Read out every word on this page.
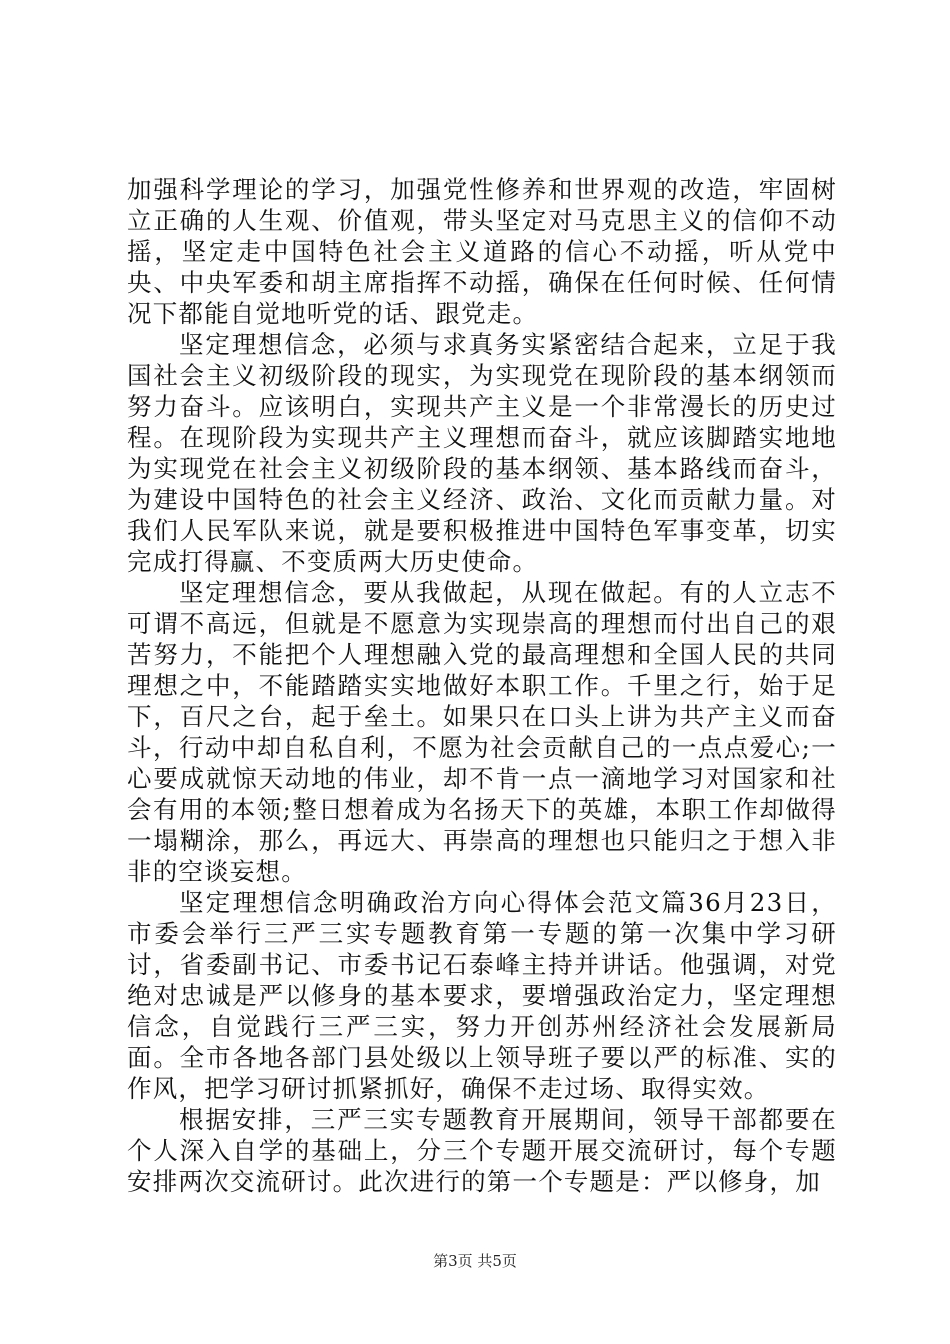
加强科学理论的学习，加强党性修养和世界观的改造，牢固树立正确的人生观、价值观，带头坚定对马克思主义的信仰不动摇，坚定走中国特色社会主义道路的信心不动摇，听从党中央、中央军委和胡主席指挥不动摇，确保在任何时候、任何情况下都能自觉地听党的话、跟党走。

坚定理想信念，必须与求真务实紧密结合起来，立足于我国社会主义初级阶段的现实，为实现党在现阶段的基本纲领而努力奋斗。应该明白，实现共产主义是一个非常漫长的历史过程。在现阶段为实现共产主义理想而奋斗，就应该脚踏实地地为实现党在社会主义初级阶段的基本纲领、基本路线而奋斗，为建设中国特色的社会主义经济、政治、文化而贡献力量。对我们人民军队来说，就是要积极推进中国特色军事变革，切实完成打得赢、不变质两大历史使命。

坚定理想信念，要从我做起，从现在做起。有的人立志不可谓不高远，但就是不愿意为实现崇高的理想而付出自己的艰苦努力，不能把个人理想融入党的最高理想和全国人民的共同理想之中，不能踏踏实实地做好本职工作。千里之行，始于足下，百尺之台，起于垒土。如果只在口头上讲为共产主义而奋斗，行动中却自私自利，不愿为社会贡献自己的一点点爱心;一心要成就惊天动地的伟业，却不肯一点一滴地学习对国家和社会有用的本领;整日想着成为名扬天下的英雄，本职工作却做得一塌糊涂，那么，再远大、再崇高的理想也只能归之于想入非非的空谈妄想。

坚定理想信念明确政治方向心得体会范文篇36月23日，市委会举行三严三实专题教育第一专题的第一次集中学习研讨，省委副书记、市委书记石泰峰主持并讲话。他强调，对党绝对忠诚是严以修身的基本要求，要增强政治定力，坚定理想信念，自觉践行三严三实，努力开创苏州经济社会发展新局面。全市各地各部门县处级以上领导班子要以严的标准、实的作风，把学习研讨抓紧抓好，确保不走过场、取得实效。

根据安排，三严三实专题教育开展期间，领导干部都要在个人深入自学的基础上，分三个专题开展交流研讨，每个专题安排两次交流研讨。此次进行的第一个专题是：严以修身，加

第3页 共5页
